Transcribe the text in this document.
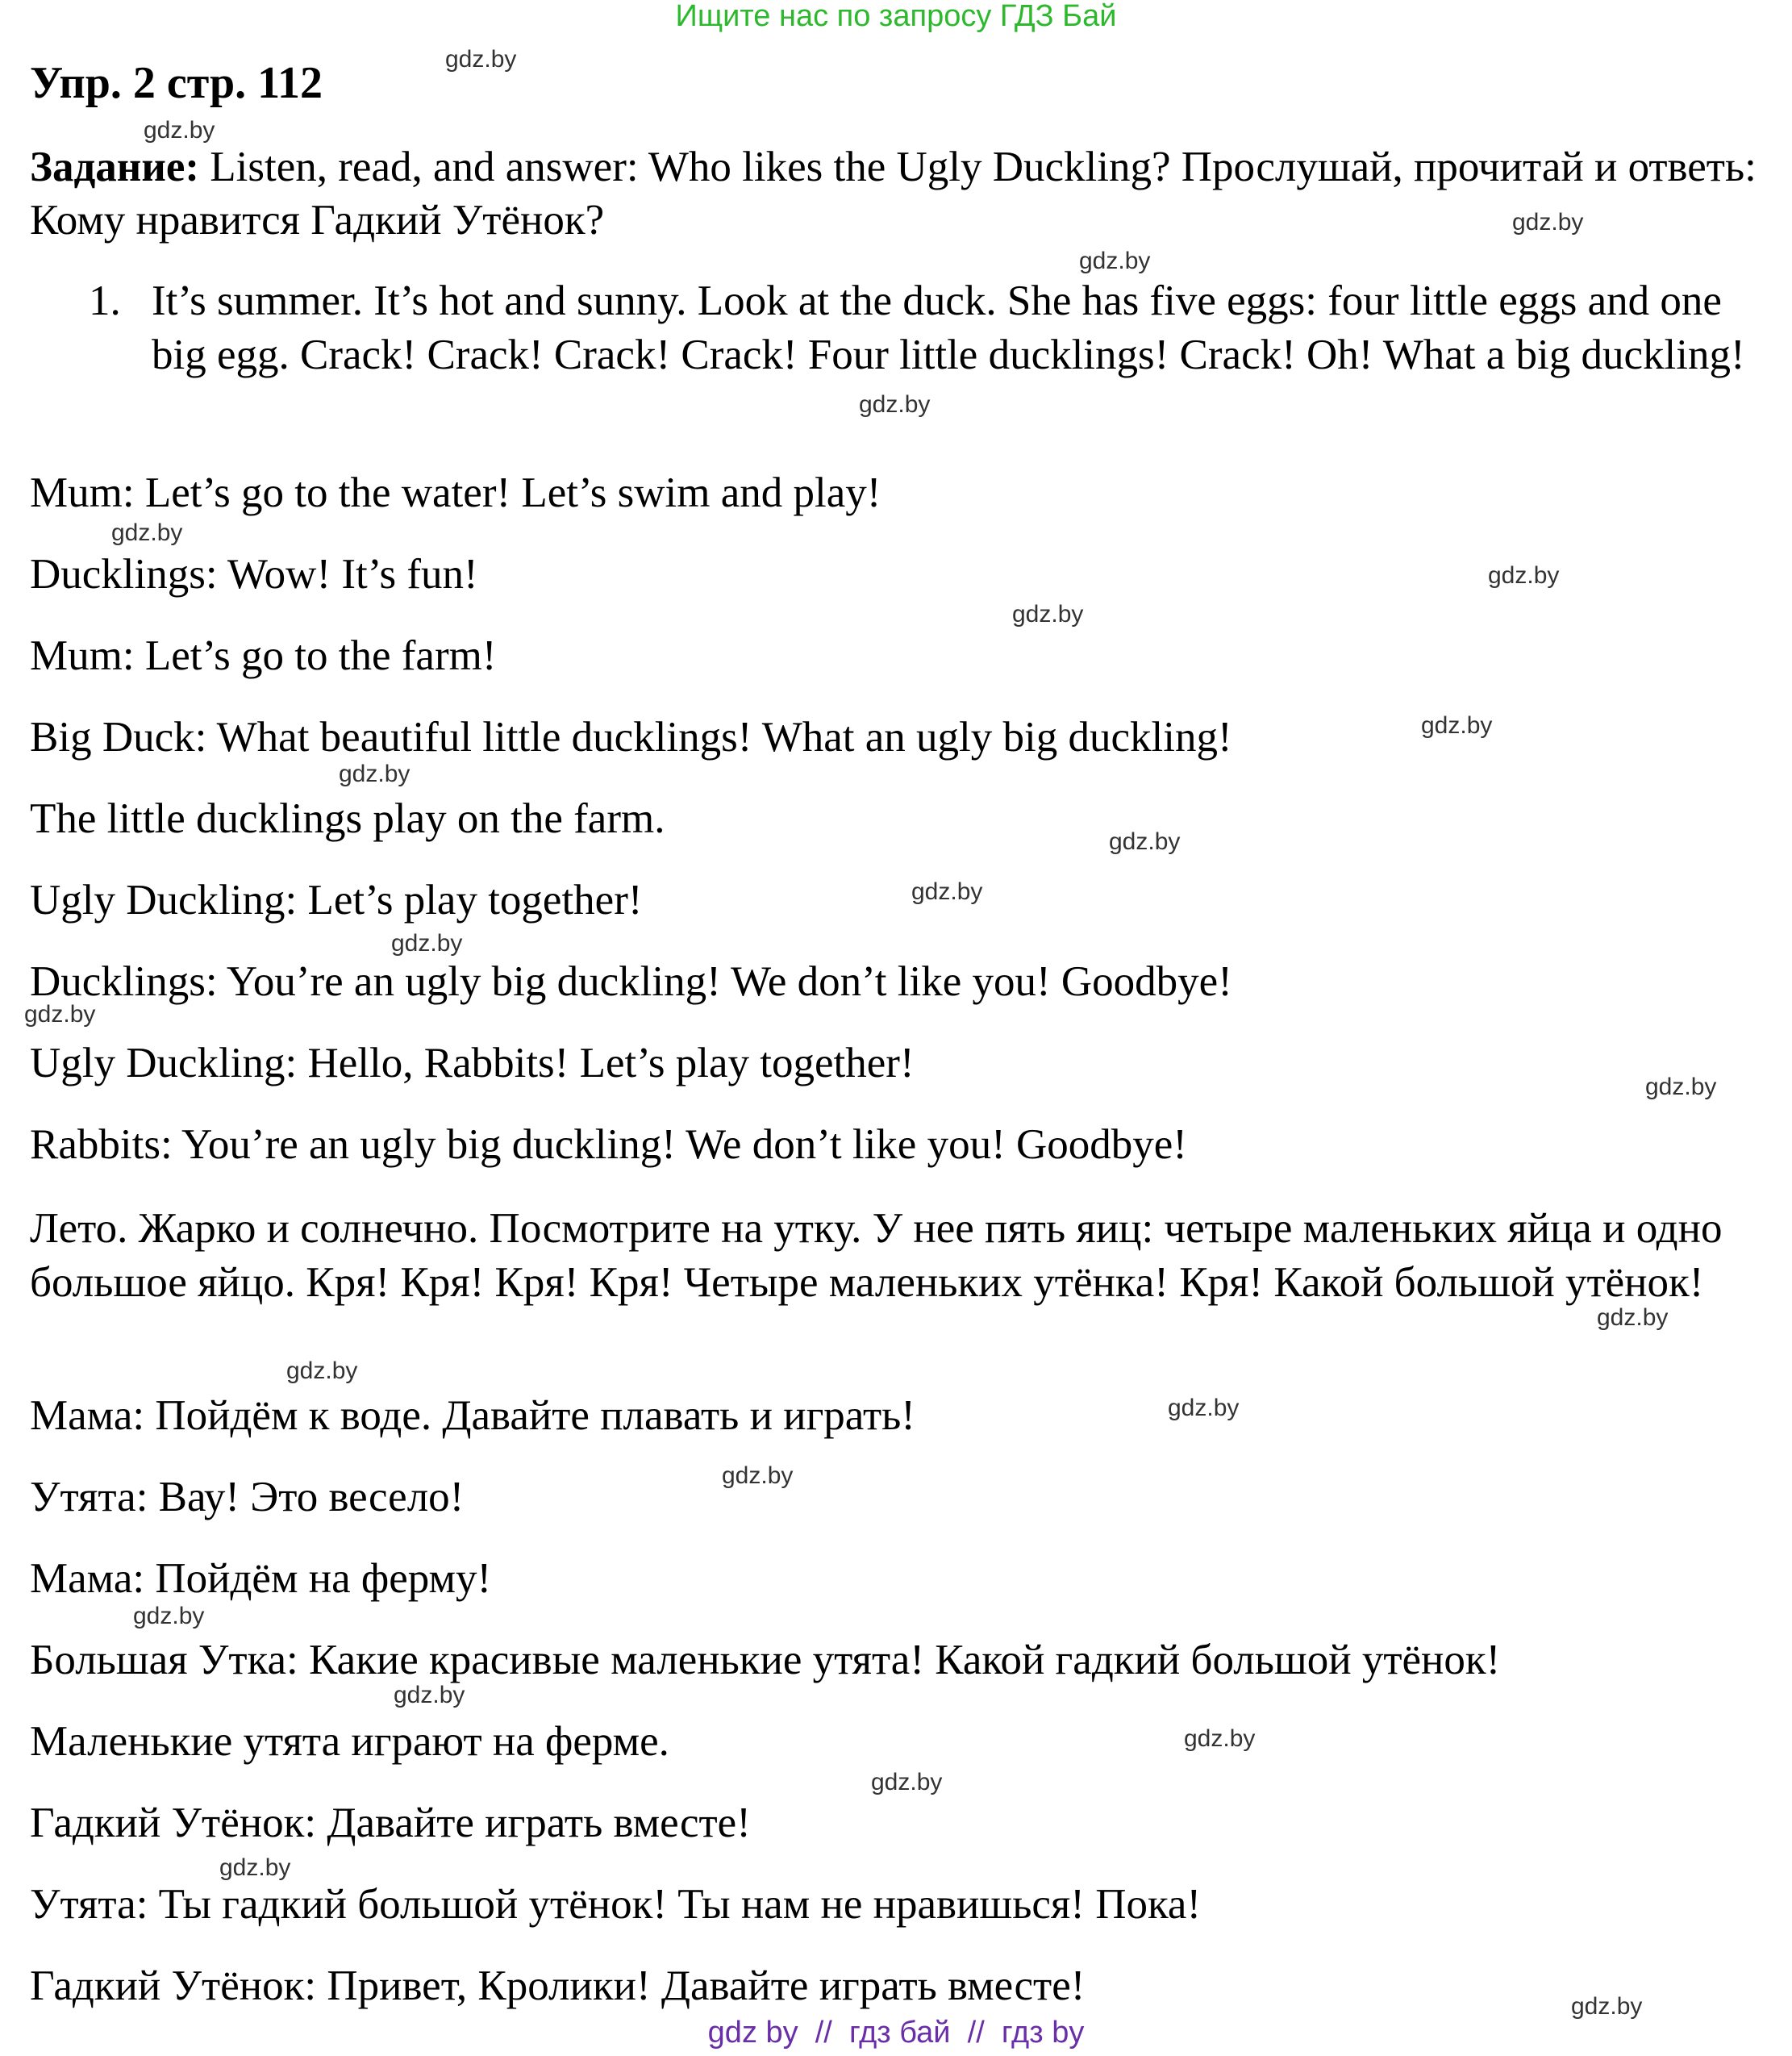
Ищите нас по запросу ГДЗ Бай
Упр. 2 стр. 112
Задание: Listen, read, and answer: Who likes the Ugly Duckling? Прослушай, прочитай и ответь: Кому нравится Гадкий Утёнок?
1. It’s summer. It’s hot and sunny. Look at the duck. She has five eggs: four little eggs and one big egg. Crack! Crack! Crack! Crack! Four little ducklings! Crack! Oh! What a big duckling!
Mum: Let’s go to the water! Let’s swim and play!
Ducklings: Wow! It’s fun!
Mum: Let’s go to the farm!
Big Duck: What beautiful little ducklings! What an ugly big duckling!
The little ducklings play on the farm.
Ugly Duckling: Let’s play together!
Ducklings: You’re an ugly big duckling! We don’t like you! Goodbye!
Ugly Duckling: Hello, Rabbits! Let’s play together!
Rabbits: You’re an ugly big duckling! We don’t like you! Goodbye!
Лето. Жарко и солнечно. Посмотрите на утку. У нее пять яиц: четыре маленьких яйца и одно большое яйцо. Кря! Кря! Кря! Кря! Четыре маленьких утёнка! Кря! Какой большой утёнок!
Мама: Пойдём к воде. Давайте плавать и играть!
Утята: Вау! Это весело!
Мама: Пойдём на ферму!
Большая Утка: Какие красивые маленькие утята! Какой гадкий большой утёнок!
Маленькие утята играют на ферме.
Гадкий Утёнок: Давайте играть вместе!
Утята: Ты гадкий большой утёнок! Ты нам не нравишься! Пока!
Гадкий Утёнок: Привет, Кролики! Давайте играть вместе!
gdz.by
gdz.by
gdz.by
gdz.by
gdz.by
gdz.by
gdz.by
gdz.by
gdz.by
gdz.by
gdz.by
gdz.by
gdz.by
gdz.by
gdz.by
gdz.by
gdz.by
gdz.by
gdz.by
gdz.by
gdz.by
gdz.by
gdz.by
gdz.by
gdz.by
gdz by  //  гдз бай  //  гдз by
